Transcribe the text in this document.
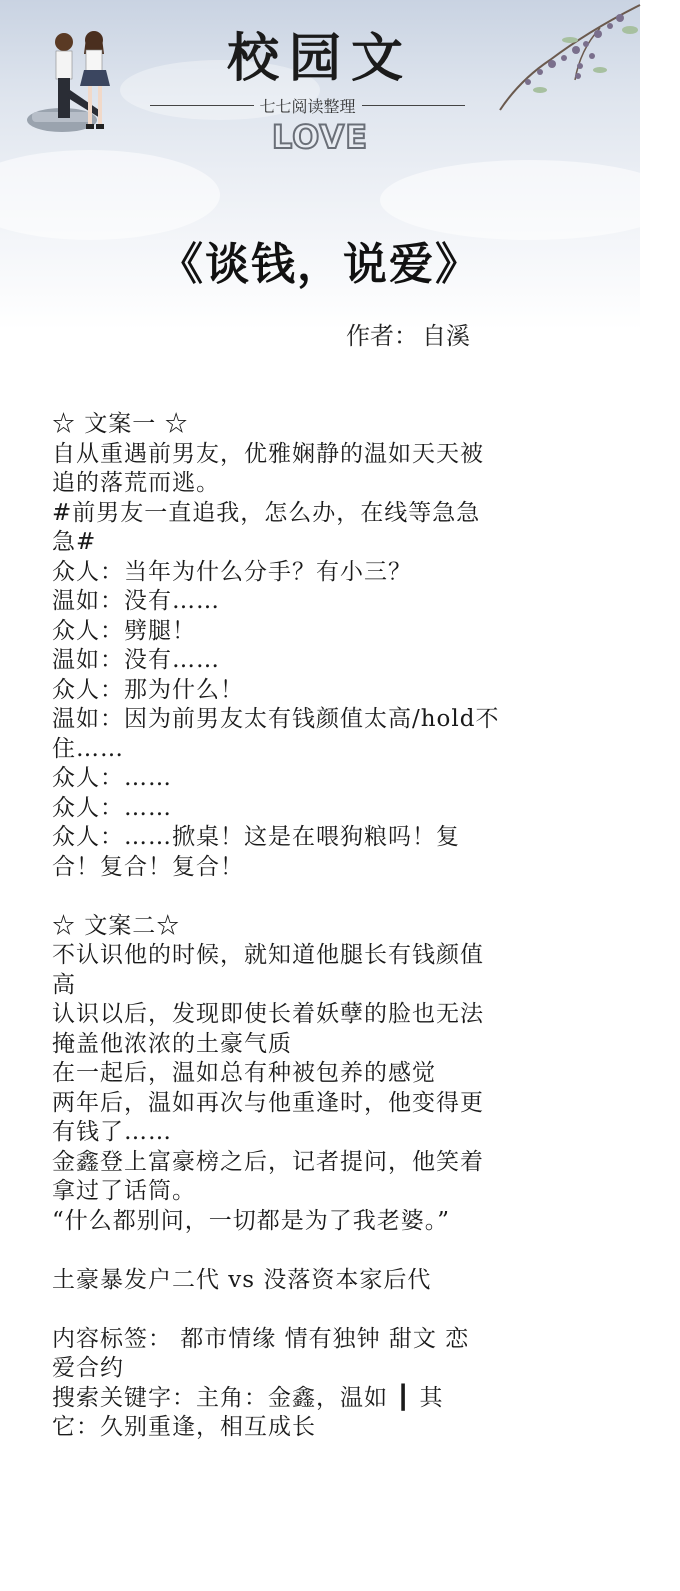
校园文
七七阅读整理
LOVE
《谈钱，说爱》
作者： 自溪

☆ 文案一 ☆

自从重遇前男友，优雅娴静的温如天天被

追的落荒而逃。

#前男友一直追我，怎么办，在线等急急

急#

众人：当年为什么分手？有小三？

温如：没有……

众人：劈腿！

温如：没有……

众人：那为什么！

温如：因为前男友太有钱颜值太高/hold不

住……

众人：……

众人：……

众人：……掀桌！这是在喂狗粮吗！复

合！复合！复合！

☆ 文案二☆

不认识他的时候，就知道他腿长有钱颜值

高

认识以后，发现即使长着妖孽的脸也无法

掩盖他浓浓的土豪气质

在一起后，温如总有种被包养的感觉

两年后，温如再次与他重逢时，他变得更

有钱了……

金鑫登上富豪榜之后，记者提问，他笑着

拿过了话筒。

“什么都别问，一切都是为了我老婆。”

土豪暴发户二代 vs 没落资本家后代

内容标签： 都市情缘 情有独钟 甜文 恋

爱合约

搜索关键字：主角：金鑫，温如 ┃ 其

它：久别重逢，相互成长
